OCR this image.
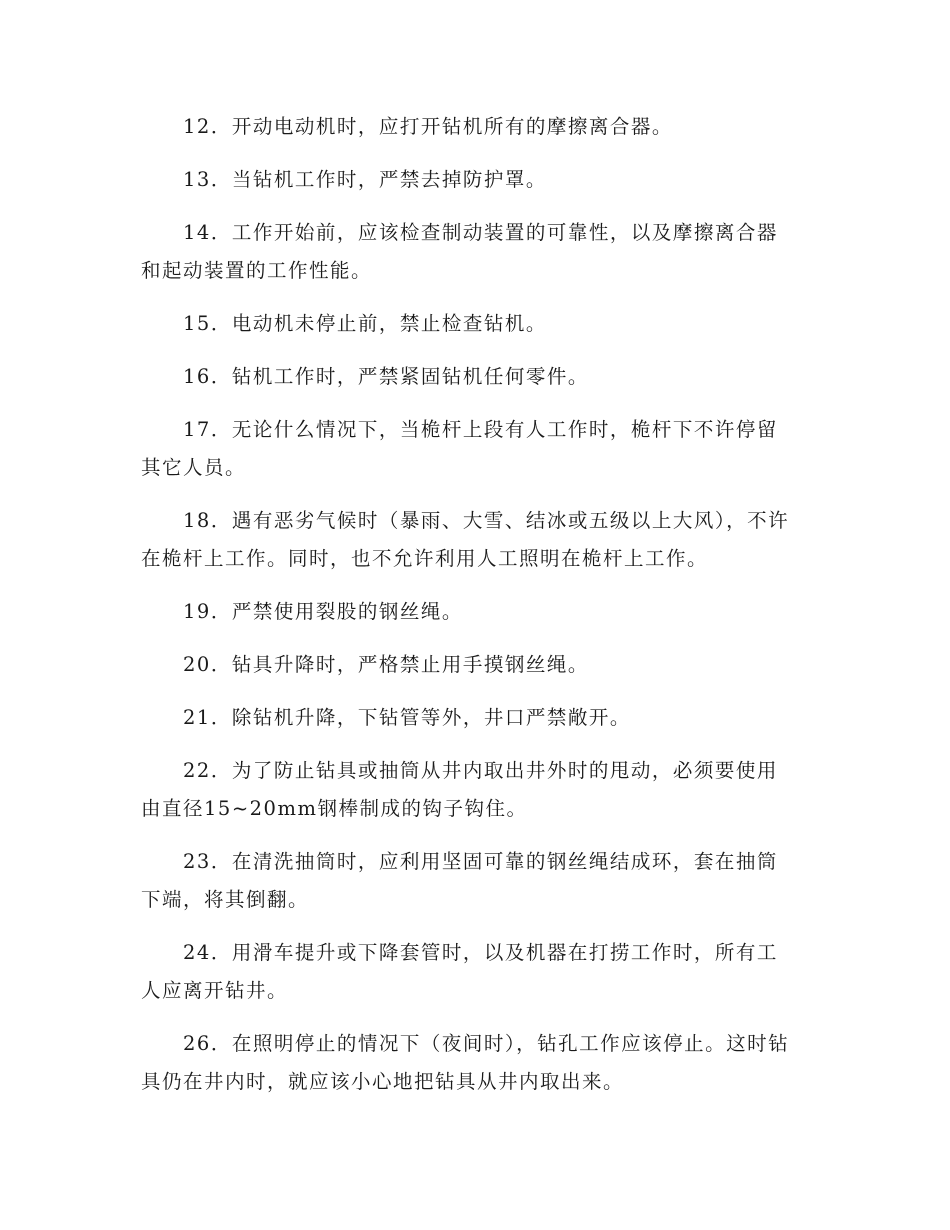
12．开动电动机时，应打开钻机所有的摩擦离合器。

13．当钻机工作时，严禁去掉防护罩。

14．工作开始前，应该检查制动装置的可靠性，以及摩擦离合器和起动装置的工作性能。

15．电动机未停止前，禁止检查钻机。

16．钻机工作时，严禁紧固钻机任何零件。

17．无论什么情况下，当桅杆上段有人工作时，桅杆下不许停留其它人员。

18．遇有恶劣气候时（暴雨、大雪、结冰或五级以上大风），不许在桅杆上工作。同时，也不允许利用人工照明在桅杆上工作。

19．严禁使用裂股的钢丝绳。

20．钻具升降时，严格禁止用手摸钢丝绳。

21．除钻机升降，下钻管等外，井口严禁敞开。

22．为了防止钻具或抽筒从井内取出井外时的甩动，必须要使用由直径15~20mm钢棒制成的钩子钩住。

23．在清洗抽筒时，应利用坚固可靠的钢丝绳结成环，套在抽筒下端，将其倒翻。

24．用滑车提升或下降套管时，以及机器在打捞工作时，所有工人应离开钻井。

26．在照明停止的情况下（夜间时），钻孔工作应该停止。这时钻具仍在井内时，就应该小心地把钻具从井内取出来。
